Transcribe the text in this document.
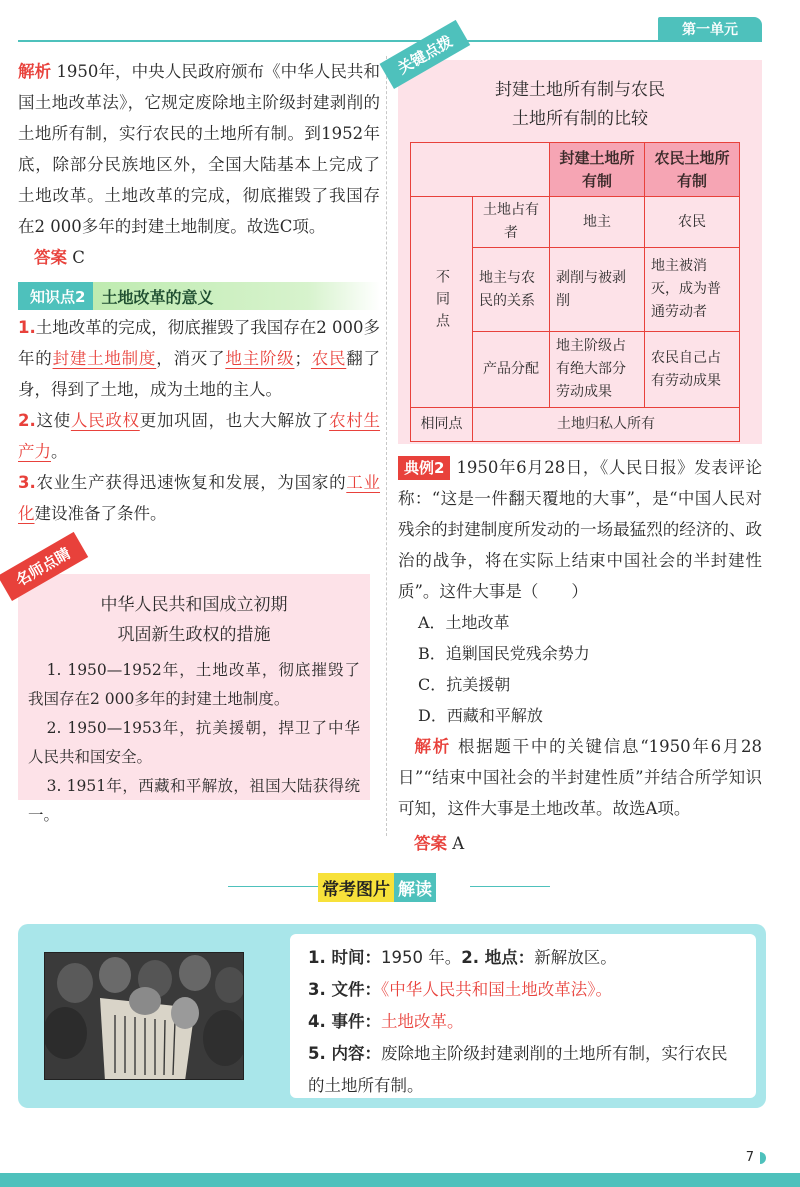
第一单元
解析 1950年，中央人民政府颁布《中华人民共和国土地改革法》，它规定废除地主阶级封建剥削的土地所有制，实行农民的土地所有制。到1952年底，除部分民族地区外，全国大陆基本上完成了土地改革。土地改革的完成，彻底摧毁了我国存在2 000多年的封建土地制度。故选C项。
答案 C
知识点2	土地改革的意义
1.土地改革的完成，彻底摧毁了我国存在2 000多年的封建土地制度，消灭了地主阶级；农民翻了身，得到了土地，成为土地的主人。
2.这使人民政权更加巩固，也大大解放了农村生产力。
3.农业生产获得迅速恢复和发展，为国家的工业化建设准备了条件。
名师点睛
中华人民共和国成立初期
巩固新生政权的措施

1. 1950—1952年，土地改革，彻底摧毁了我国存在2 000多年的封建土地制度。

2. 1950—1953年，抗美援朝，捍卫了中华人民共和国安全。

3. 1951年，西藏和平解放，祖国大陆获得统一。

关键点拨
封建土地所有制与农民
土地所有制的比较
		封建土地所有制	农民土地所有制
不同点	土地占有者	地主	农民
	地主与农民的关系	剥削与被剥削	地主被消灭，成为普通劳动者
	产品分配	地主阶级占有绝大部分劳动成果	农民自己占有劳动成果
相同点	土地归私人所有		
典例2 1950年6月28日，《人民日报》发表评论称：“这是一件翻天覆地的大事”，是“中国人民对残余的封建制度所发动的一场最猛烈的经济的、政治的战争，将在实际上结束中国社会的半封建性质”。这件大事是（　　）
A．土地改革
B．追剿国民党残余势力
C．抗美援朝
D．西藏和平解放
解析 根据题干中的关键信息“1950年6月28日”“结束中国社会的半封建性质”并结合所学知识可知，这件大事是土地改革。故选A项。
答案 A
常考图片 解读
1. 时间：1950 年。2. 地点：新解放区。
3. 文件：《中华人民共和国土地改革法》。
4. 事件：土地改革。
5. 内容：废除地主阶级封建剥削的土地所有制，实行农民的土地所有制。
7
